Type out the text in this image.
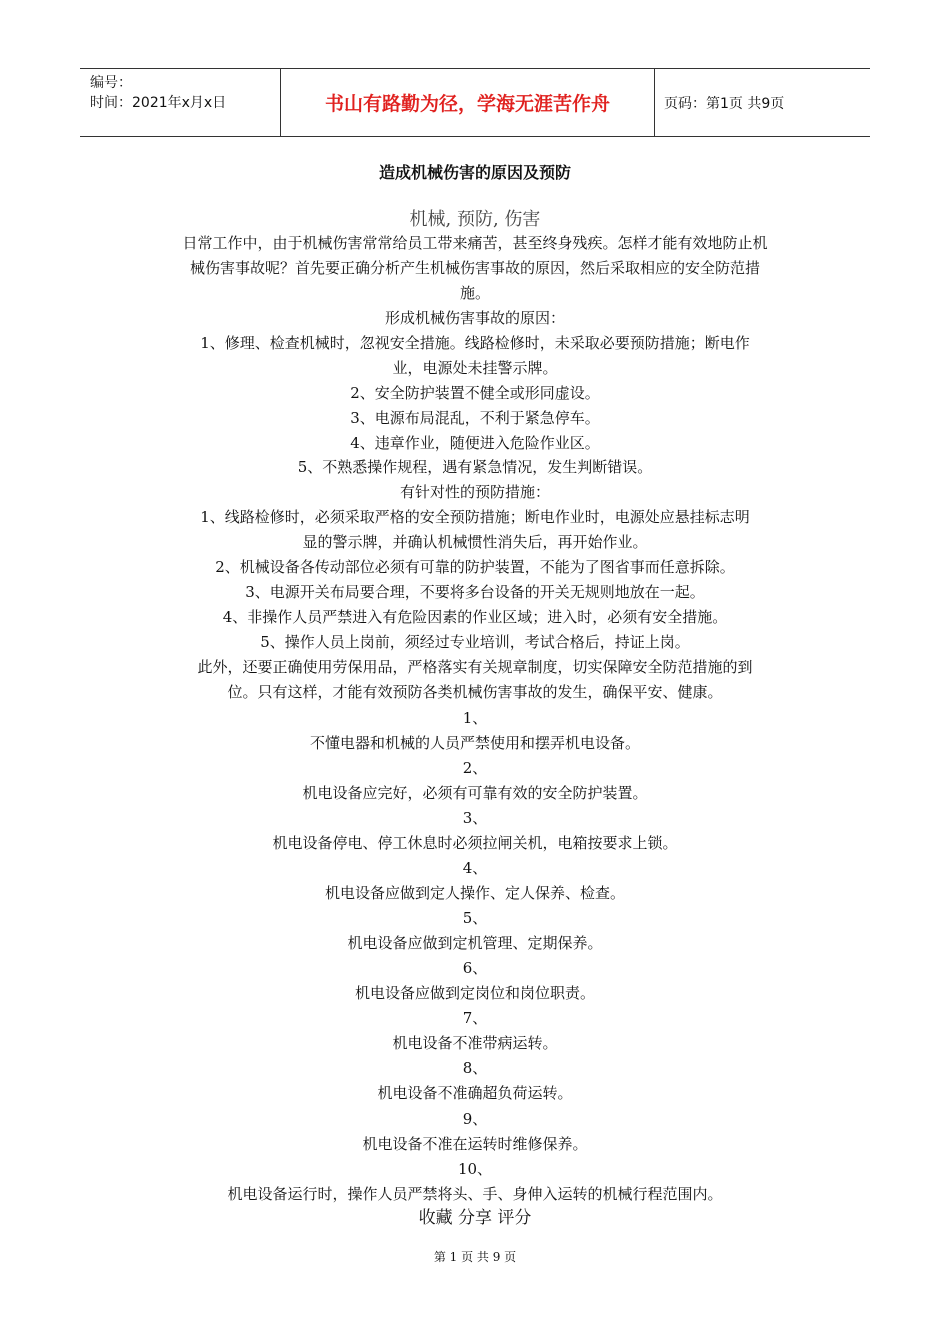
编号：
时间：2021年x月x日	书山有路勤为径，学海无涯苦作舟	页码：第1页 共9页
造成机械伤害的原因及预防
机械, 预防, 伤害
日常工作中，由于机械伤害常常给员工带来痛苦，甚至终身残疾。怎样才能有效地防止机
械伤害事故呢？首先要正确分析产生机械伤害事故的原因，然后采取相应的安全防范措
施。
形成机械伤害事故的原因：
1、修理、检查机械时，忽视安全措施。线路检修时，未采取必要预防措施；断电作
业，电源处未挂警示牌。
2、安全防护装置不健全或形同虚设。
3、电源布局混乱，不利于紧急停车。
4、违章作业，随便进入危险作业区。
5、不熟悉操作规程，遇有紧急情况，发生判断错误。
有针对性的预防措施：
1、线路检修时，必须采取严格的安全预防措施；断电作业时，电源处应悬挂标志明
显的警示牌，并确认机械惯性消失后，再开始作业。
2、机械设备各传动部位必须有可靠的防护装置，不能为了图省事而任意拆除。
3、电源开关布局要合理，不要将多台设备的开关无规则地放在一起。
4、非操作人员严禁进入有危险因素的作业区域；进入时，必须有安全措施。
5、操作人员上岗前，须经过专业培训，考试合格后，持证上岗。
此外，还要正确使用劳保用品，严格落实有关规章制度，切实保障安全防范措施的到
位。只有这样，才能有效预防各类机械伤害事故的发生，确保平安、健康。
1、
不懂电器和机械的人员严禁使用和摆弄机电设备。
2、
机电设备应完好，必须有可靠有效的安全防护装置。
3、
机电设备停电、停工休息时必须拉闸关机，电箱按要求上锁。
4、
机电设备应做到定人操作、定人保养、检查。
5、
机电设备应做到定机管理、定期保养。
6、
机电设备应做到定岗位和岗位职责。
7、
机电设备不准带病运转。
8、
机电设备不准确超负荷运转。
9、
机电设备不准在运转时维修保养。
10、
机电设备运行时，操作人员严禁将头、手、身伸入运转的机械行程范围内。
收藏 分享 评分
第 1 页 共 9 页
